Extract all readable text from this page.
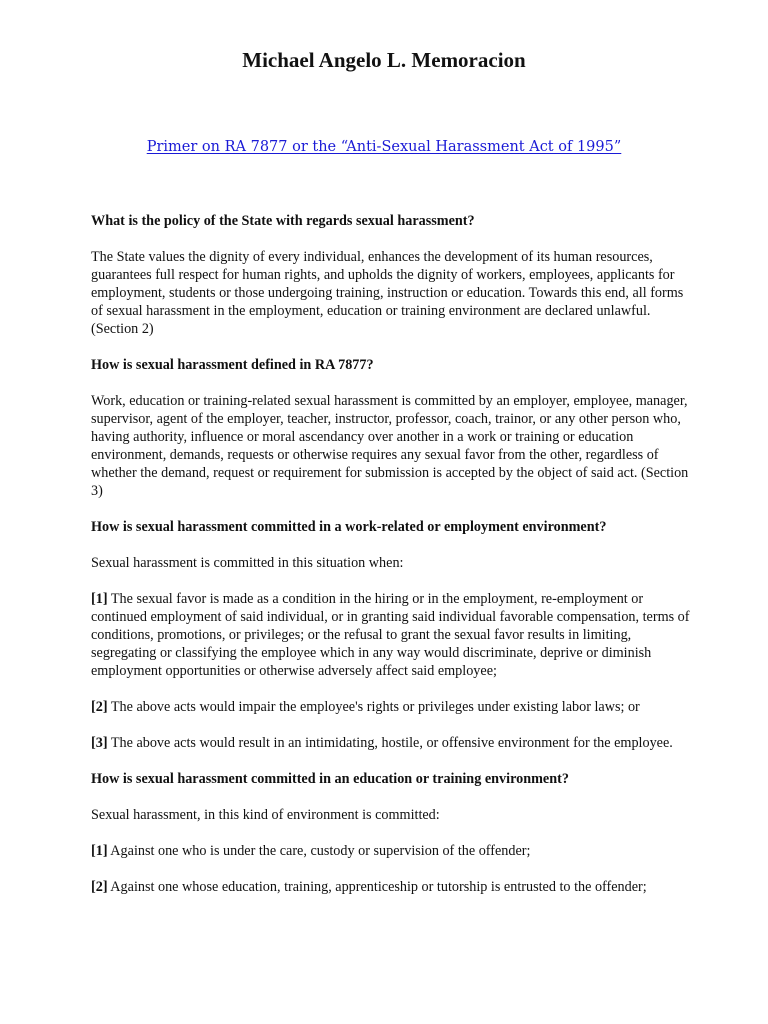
Michael Angelo L. Memoracion
Primer on RA 7877 or the “Anti-Sexual Harassment Act of 1995”

What is the policy of the State with regards sexual harassment?

The State values the dignity of every individual, enhances the development of its human resources, guarantees full respect for human rights, and upholds the dignity of workers, employees, applicants for employment, students or those undergoing training, instruction or education. Towards this end, all forms of sexual harassment in the employment, education or training environment are declared unlawful. (Section 2)

How is sexual harassment defined in RA 7877?

Work, education or training-related sexual harassment is committed by an employer, employee, manager, supervisor, agent of the employer, teacher, instructor, professor, coach, trainor, or any other person who, having authority, influence or moral ascendancy over another in a work or training or education environment, demands, requests or otherwise requires any sexual favor from the other, regardless of whether the demand, request or requirement for submission is accepted by the object of said act. (Section 3)

How is sexual harassment committed in a work-related or employment environment?

Sexual harassment is committed in this situation when:

[1] The sexual favor is made as a condition in the hiring or in the employment, re-employment or continued employment of said individual, or in granting said individual favorable compensation, terms of conditions, promotions, or privileges; or the refusal to grant the sexual favor results in limiting, segregating or classifying the employee which in any way would discriminate, deprive or diminish employment opportunities or otherwise adversely affect said employee;

[2] The above acts would impair the employee's rights or privileges under existing labor laws; or

[3] The above acts would result in an intimidating, hostile, or offensive environment for the employee.

How is sexual harassment committed in an education or training environment?

Sexual harassment, in this kind of environment is committed:

[1] Against one who is under the care, custody or supervision of the offender;

[2] Against one whose education, training, apprenticeship or tutorship is entrusted to the offender;
